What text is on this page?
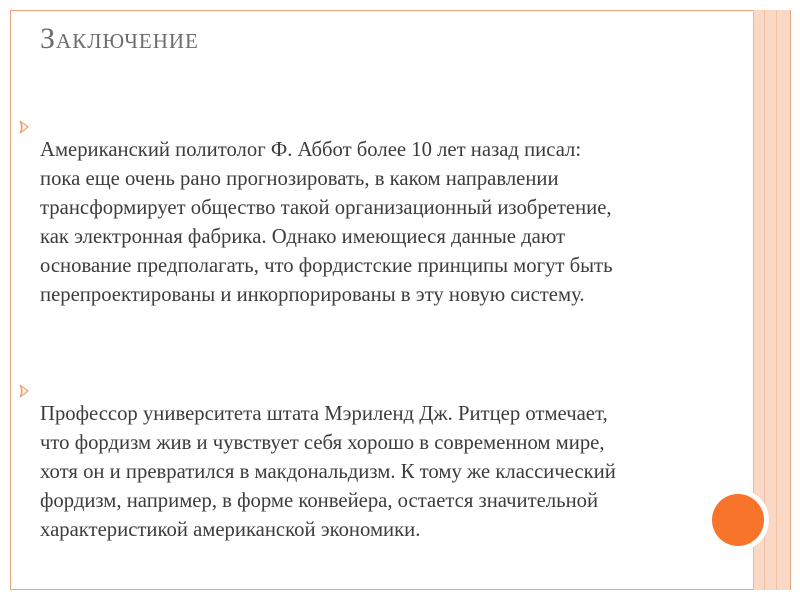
Заключение

Американский политолог Ф. Аббот более 10 лет назад писал:
пока еще очень рано прогнозировать, в каком направлении
трансформирует общество такой организационный изобретение,
как электронная фабрика. Однако имеющиеся данные дают
основание предполагать, что фордистские принципы могут быть
перепроектированы и инкорпорированы в эту новую систему.

Профессор университета штата Мэриленд Дж. Ритцер отмечает,
что фордизм жив и чувствует себя хорошо в современном мире,
хотя он и превратился в макдональдизм. К тому же классический
фордизм, например, в форме конвейера, остается значительной
характеристикой американской экономики.
